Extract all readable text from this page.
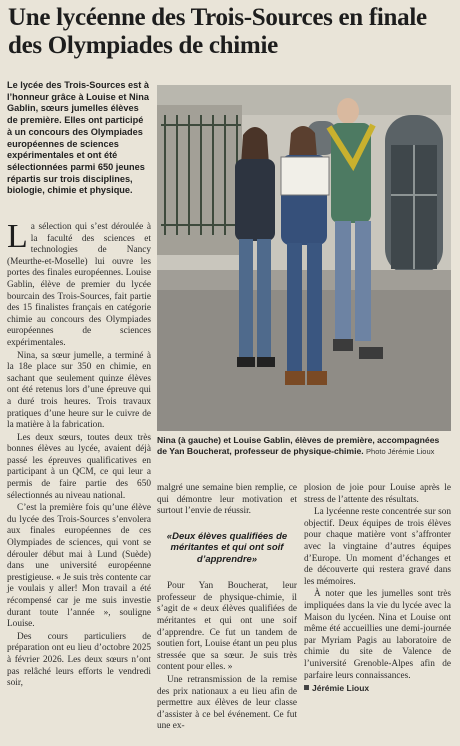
Une lycéenne des Trois-Sources en finale des Olympiades de chimie

Le lycée des Trois-Sources est à l’honneur grâce à Louise et Nina Gablin, sœurs jumelles élèves de première. Elles ont participé à un concours des Olympiades européennes de sciences expérimentales et ont été sélectionnées parmi 650 jeunes répartis sur trois disciplines, biologie, chimie et physique.

La sélection qui s’est déroulée à la faculté des sciences et technologies de Nancy (Meurthe-et-Moselle) lui ouvre les portes des finales européennes. Louise Gablin, élève de premier du lycée bourcain des Trois-Sources, fait partie des 15 finalistes français en catégorie chimie au concours des Olympiades européennes de sciences expérimentales.

Nina, sa sœur jumelle, a terminé à la 18e place sur 350 en chimie, en sachant que seulement quinze élèves ont été retenus lors d’une épreuve qui a duré trois heures. Trois travaux pratiques d’une heure sur le cuivre de la matière à la fabrication.

Les deux sœurs, toutes deux très bonnes élèves au lycée, avaient déjà passé les épreuves qualificatives en participant à un QCM, ce qui leur a permis de faire partie des 650 sélectionnés au niveau national.

C’est la première fois qu’une élève du lycée des Trois-Sources s’envolera aux finales européennes de ces Olympiades de sciences, qui vont se dérouler début mai à Lund (Suède) dans une université européenne prestigieuse. « Je suis très contente car je voulais y aller! Mon travail a été récompensé car je me suis investie durant toute l’année », souligne Louise.

Des cours particuliers de préparation ont eu lieu d’octobre 2025 à février 2026. Les deux sœurs n’ont pas relâché leurs efforts le vendredi soir,

Nina (à gauche) et Louise Gablin, élèves de première, accompagnées de Yan Boucherat, professeur de physique-chimie. Photo Jérémie Lioux

malgré une semaine bien remplie, ce qui démontre leur motivation et surtout l’envie de réussir.

«Deux élèves qualifiées de méritantes et qui ont soif d’apprendre»

Pour Yan Boucherat, leur professeur de physique-chimie, il s’agit de « deux élèves qualifiées de méritantes et qui ont une soif d’apprendre. Ce fut un tandem de soutien fort, Louise étant un peu plus stressée que sa sœur. Je suis très content pour elles. »

Une retransmission de la remise des prix nationaux a eu lieu afin de permettre aux élèves de leur classe d’assister à ce bel événement. Ce fut une ex-

plosion de joie pour Louise après le stress de l’attente des résultats.

La lycéenne reste concentrée sur son objectif. Deux équipes de trois élèves pour chaque matière vont s’affronter avec la vingtaine d’autres équipes d’Europe. Un moment d’échanges et de découverte qui restera gravé dans les mémoires.

À noter que les jumelles sont très impliquées dans la vie du lycée avec la Maison du lycéen. Nina et Louise ont même été accueillies une demi-journée par Myriam Pagis au laboratoire de chimie du site de Valence de l’université Grenoble-Alpes afin de parfaire leurs connaissances.

Jérémie Lioux
